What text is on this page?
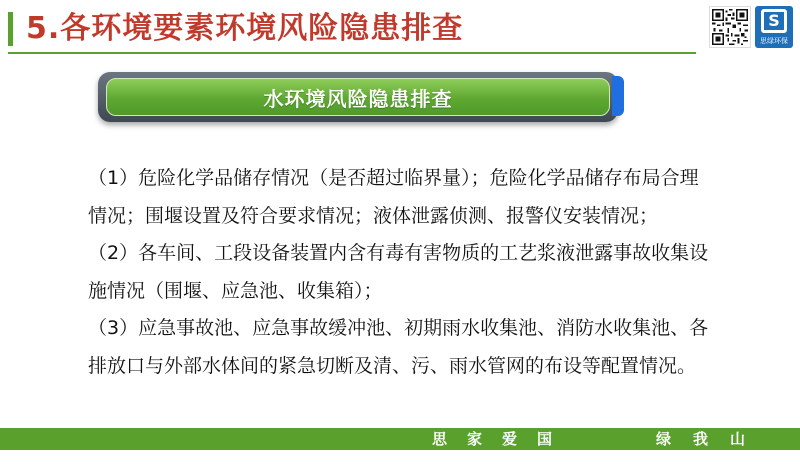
5.各环境要素环境风险隐患排查	S
思绿环保
水环境风险隐患排查

（1）危险化学品储存情况（是否超过临界量）；危险化学品储存布局合理

情况；围堰设置及符合要求情况；液体泄露侦测、报警仪安装情况；

（2）各车间、工段设备装置内含有毒有害物质的工艺浆液泄露事故收集设

施情况（围堰、应急池、收集箱）；

（3）应急事故池、应急事故缓冲池、初期雨水收集池、消防水收集池、各

排放口与外部水体间的紧急切断及清、污、雨水管网的布设等配置情况。

思家爱国	绿我山河
